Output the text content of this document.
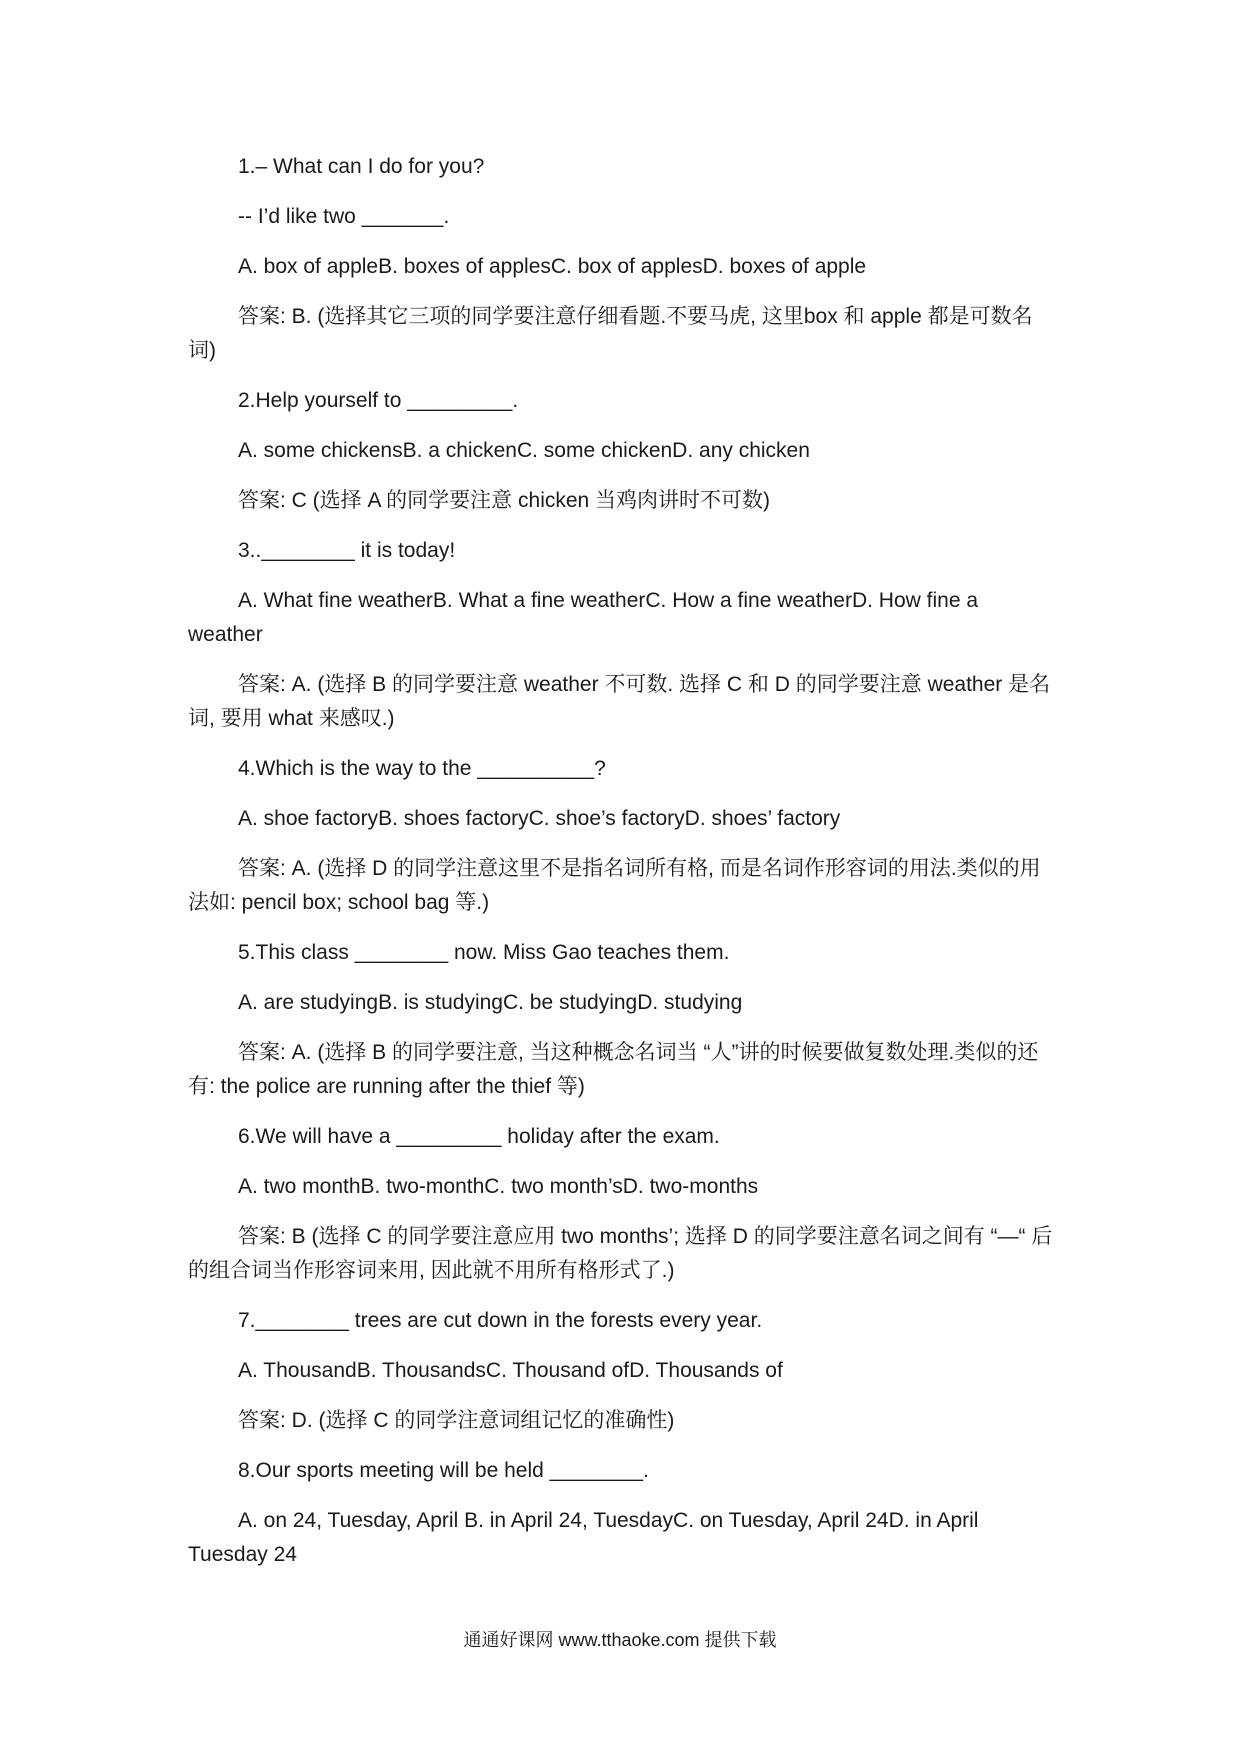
1.– What can I do for you?

-- I’d like two _______.

A. box of appleB. boxes of applesC. box of applesD. boxes of apple

答案: B. (选择其它三项的同学要注意仔细看题.不要马虎, 这里box 和 apple 都是可数名词)

2.Help yourself to _________.

A. some chickensB. a chickenC. some chickenD. any chicken

答案: C (选择 A 的同学要注意 chicken 当鸡肉讲时不可数)

3..________ it is today!

A. What fine weatherB. What a fine weatherC. How a fine weatherD. How fine a weather

答案: A. (选择 B 的同学要注意 weather 不可数. 选择 C 和 D 的同学要注意 weather 是名词, 要用 what 来感叹.)

4.Which is the way to the __________?

A. shoe factoryB. shoes factoryC. shoe’s factoryD. shoes’ factory

答案: A. (选择 D 的同学注意这里不是指名词所有格, 而是名词作形容词的用法.类似的用法如: pencil box; school bag 等.)

5.This class ________ now. Miss Gao teaches them.

A. are studyingB. is studyingC. be studyingD. studying

答案: A. (选择 B 的同学要注意, 当这种概念名词当 “人”讲的时候要做复数处理.类似的还有: the police are running after the thief 等)

6.We will have a _________ holiday after the exam.

A. two monthB. two-monthC. two month’sD. two-months

答案: B (选择 C 的同学要注意应用 two months’; 选择 D 的同学要注意名词之间有 “—“ 后的组合词当作形容词来用, 因此就不用所有格形式了.)

7.________ trees are cut down in the forests every year.

A. ThousandB. ThousandsC. Thousand ofD. Thousands of

答案: D. (选择 C 的同学注意词组记忆的准确性)

8.Our sports meeting will be held ________.

A. on 24, Tuesday, April B. in April 24, TuesdayC. on Tuesday, April 24D. in April Tuesday 24

通通好课网 www.tthaoke.com 提供下载
